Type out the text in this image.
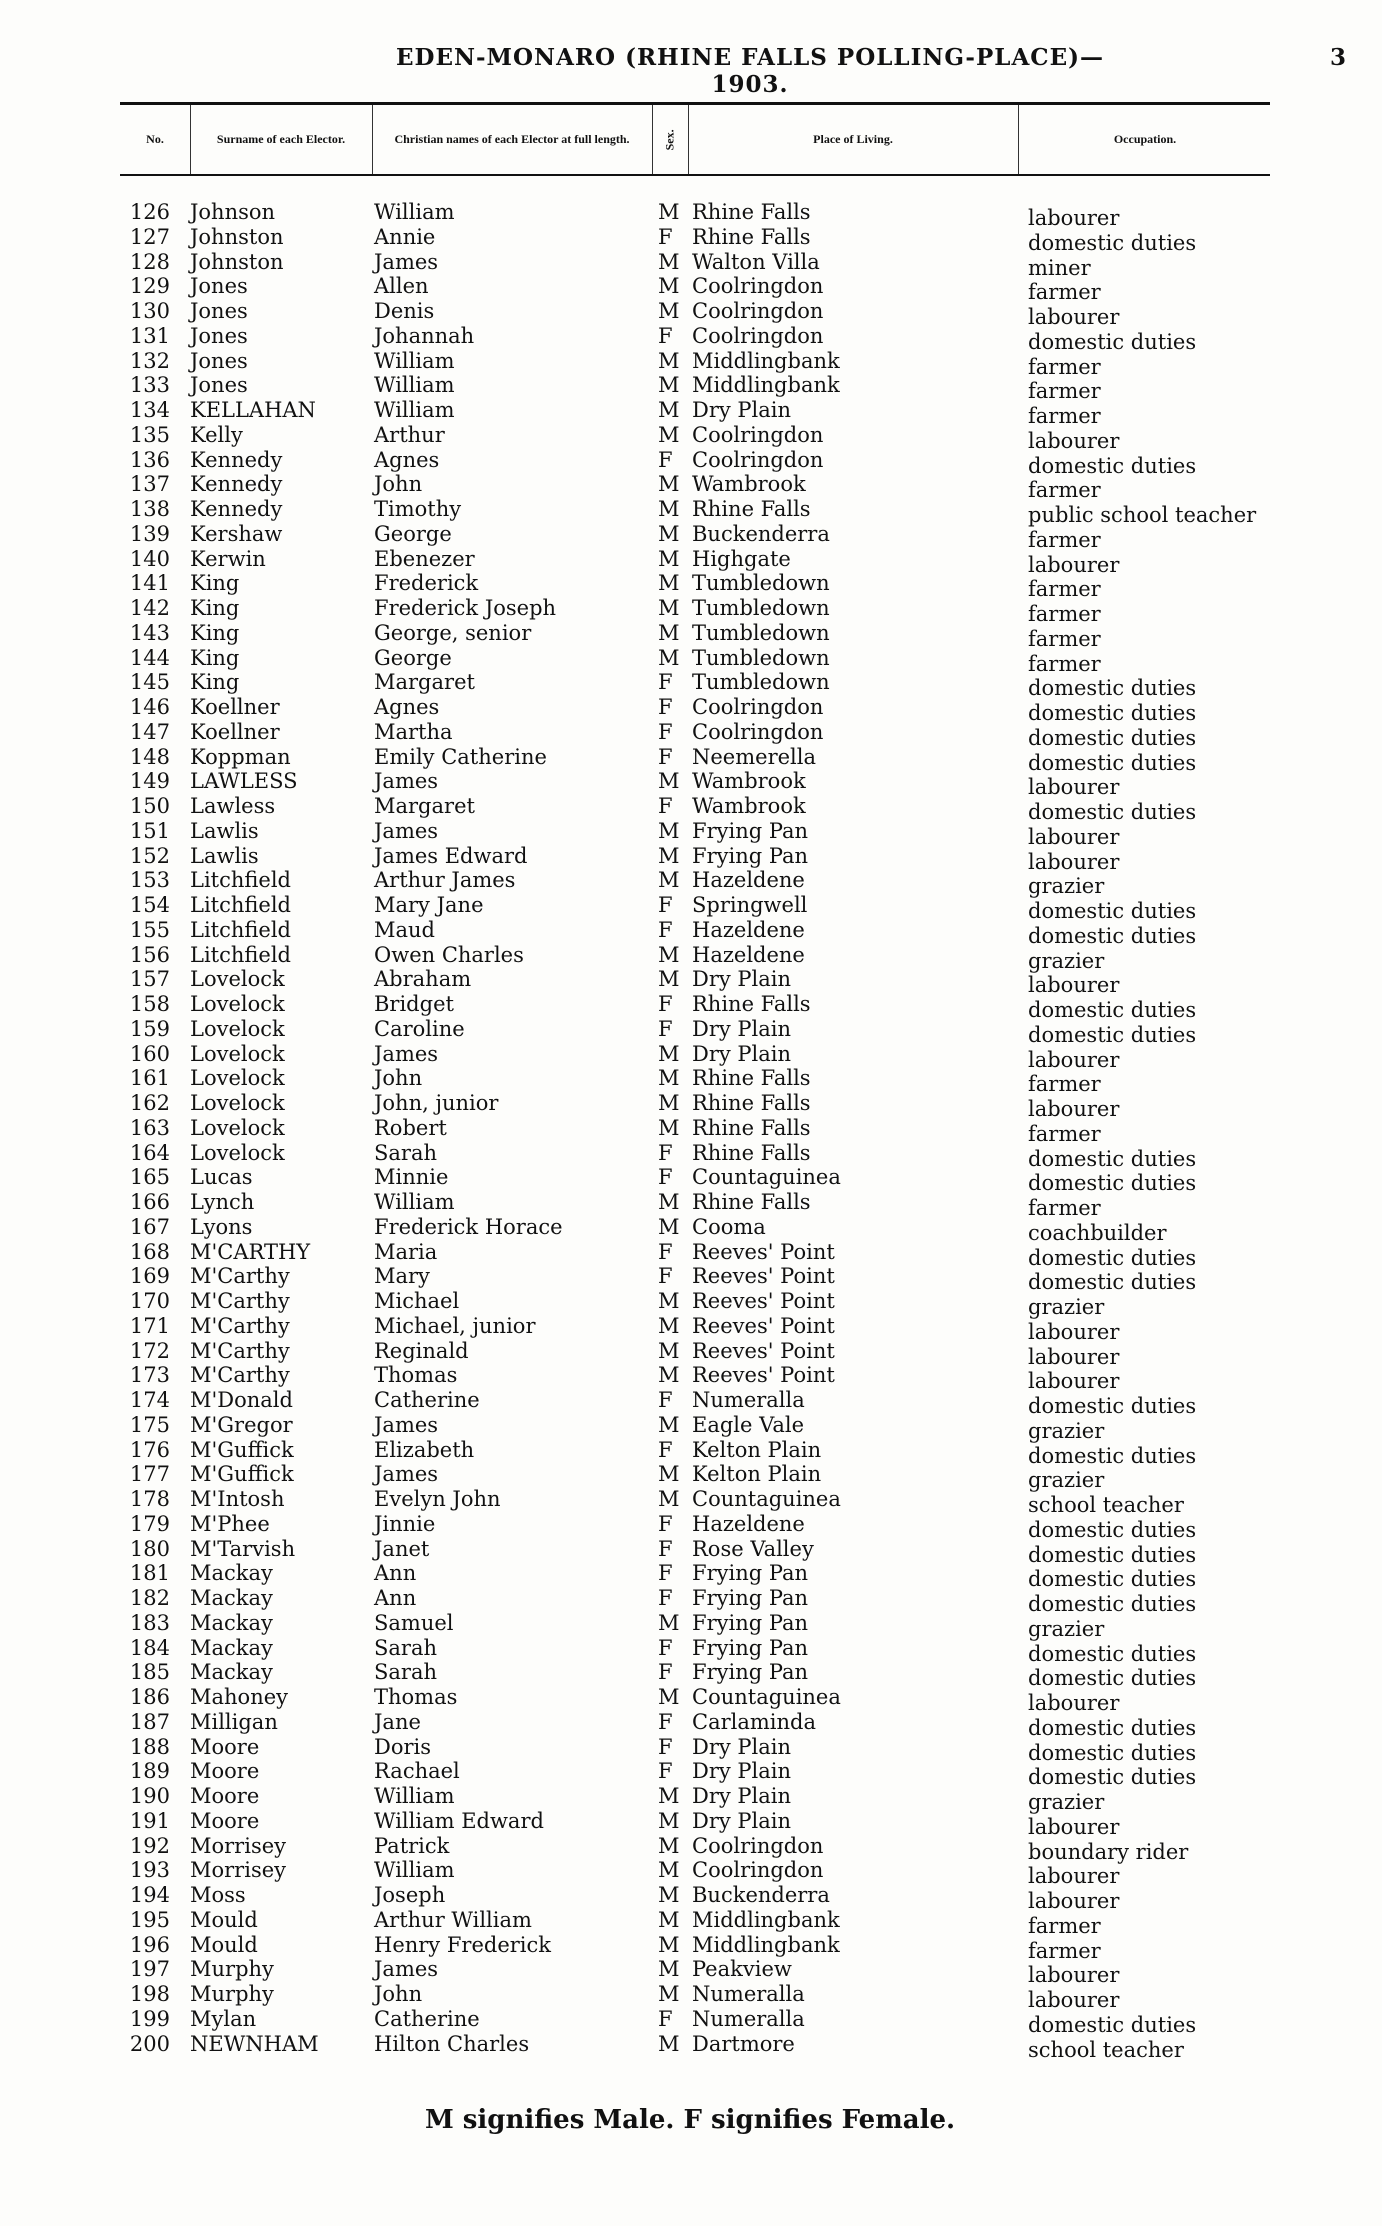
EDEN-MONARO (RHINE FALLS POLLING-PLACE)—1903.
3
No.	Surname of each Elector.	Christian names of each Elector at full length.	Sex.	Place of Living.	Occupation.
126 Johnson	William	M Rhine Falls	labourer
127 Johnston	Annie	F Rhine Falls	domestic duties
128 Johnston	James	M Walton Villa	miner
129 Jones	Allen	M Coolringdon	farmer
130 Jones	Denis	M Coolringdon	labourer
131 Jones	Johannah	F Coolringdon	domestic duties
132 Jones	William	M Middlingbank	farmer
133 Jones	William	M Middlingbank	farmer
134 KELLAHAN	William	M Dry Plain	farmer
135 Kelly	Arthur	M Coolringdon	labourer
136 Kennedy	Agnes	F Coolringdon	domestic duties
137 Kennedy	John	M Wambrook	farmer
138 Kennedy	Timothy	M Rhine Falls	public school teacher
139 Kershaw	George	M Buckenderra	farmer
140 Kerwin	Ebenezer	M Highgate	labourer
141 King	Frederick	M Tumbledown	farmer
142 King	Frederick Joseph	M Tumbledown	farmer
143 King	George, senior	M Tumbledown	farmer
144 King	George	M Tumbledown	farmer
145 King	Margaret	F Tumbledown	domestic duties
146 Koellner	Agnes	F Coolringdon	domestic duties
147 Koellner	Martha	F Coolringdon	domestic duties
148 Koppman	Emily Catherine	F Neemerella	domestic duties
149 LAWLESS	James	M Wambrook	labourer
150 Lawless	Margaret	F Wambrook	domestic duties
151 Lawlis	James	M Frying Pan	labourer
152 Lawlis	James Edward	M Frying Pan	labourer
153 Litchfield	Arthur James	M Hazeldene	grazier
154 Litchfield	Mary Jane	F Springwell	domestic duties
155 Litchfield	Maud	F Hazeldene	domestic duties
156 Litchfield	Owen Charles	M Hazeldene	grazier
157 Lovelock	Abraham	M Dry Plain	labourer
158 Lovelock	Bridget	F Rhine Falls	domestic duties
159 Lovelock	Caroline	F Dry Plain	domestic duties
160 Lovelock	James	M Dry Plain	labourer
161 Lovelock	John	M Rhine Falls	farmer
162 Lovelock	John, junior	M Rhine Falls	labourer
163 Lovelock	Robert	M Rhine Falls	farmer
164 Lovelock	Sarah	F Rhine Falls	domestic duties
165 Lucas	Minnie	F Countaguinea	domestic duties
166 Lynch	William	M Rhine Falls	farmer
167 Lyons	Frederick Horace	M Cooma	coachbuilder
168 M'CARTHY	Maria	F Reeves' Point	domestic duties
169 M'Carthy	Mary	F Reeves' Point	domestic duties
170 M'Carthy	Michael	M Reeves' Point	grazier
171 M'Carthy	Michael, junior	M Reeves' Point	labourer
172 M'Carthy	Reginald	M Reeves' Point	labourer
173 M'Carthy	Thomas	M Reeves' Point	labourer
174 M'Donald	Catherine	F Numeralla	domestic duties
175 M'Gregor	James	M Eagle Vale	grazier
176 M'Guffick	Elizabeth	F Kelton Plain	domestic duties
177 M'Guffick	James	M Kelton Plain	grazier
178 M'Intosh	Evelyn John	M Countaguinea	school teacher
179 M'Phee	Jinnie	F Hazeldene	domestic duties
180 M'Tarvish	Janet	F Rose Valley	domestic duties
181 Mackay	Ann	F Frying Pan	domestic duties
182 Mackay	Ann	F Frying Pan	domestic duties
183 Mackay	Samuel	M Frying Pan	grazier
184 Mackay	Sarah	F Frying Pan	domestic duties
185 Mackay	Sarah	F Frying Pan	domestic duties
186 Mahoney	Thomas	M Countaguinea	labourer
187 Milligan	Jane	F Carlaminda	domestic duties
188 Moore	Doris	F Dry Plain	domestic duties
189 Moore	Rachael	F Dry Plain	domestic duties
190 Moore	William	M Dry Plain	grazier
191 Moore	William Edward	M Dry Plain	labourer
192 Morrisey	Patrick	M Coolringdon	boundary rider
193 Morrisey	William	M Coolringdon	labourer
194 Moss	Joseph	M Buckenderra	labourer
195 Mould	Arthur William	M Middlingbank	farmer
196 Mould	Henry Frederick	M Middlingbank	farmer
197 Murphy	James	M Peakview	labourer
198 Murphy	John	M Numeralla	labourer
199 Mylan	Catherine	F Numeralla	domestic duties
200 NEWNHAM	Hilton Charles	M Dartmore	school teacher
M signifies Male. F signifies Female.
